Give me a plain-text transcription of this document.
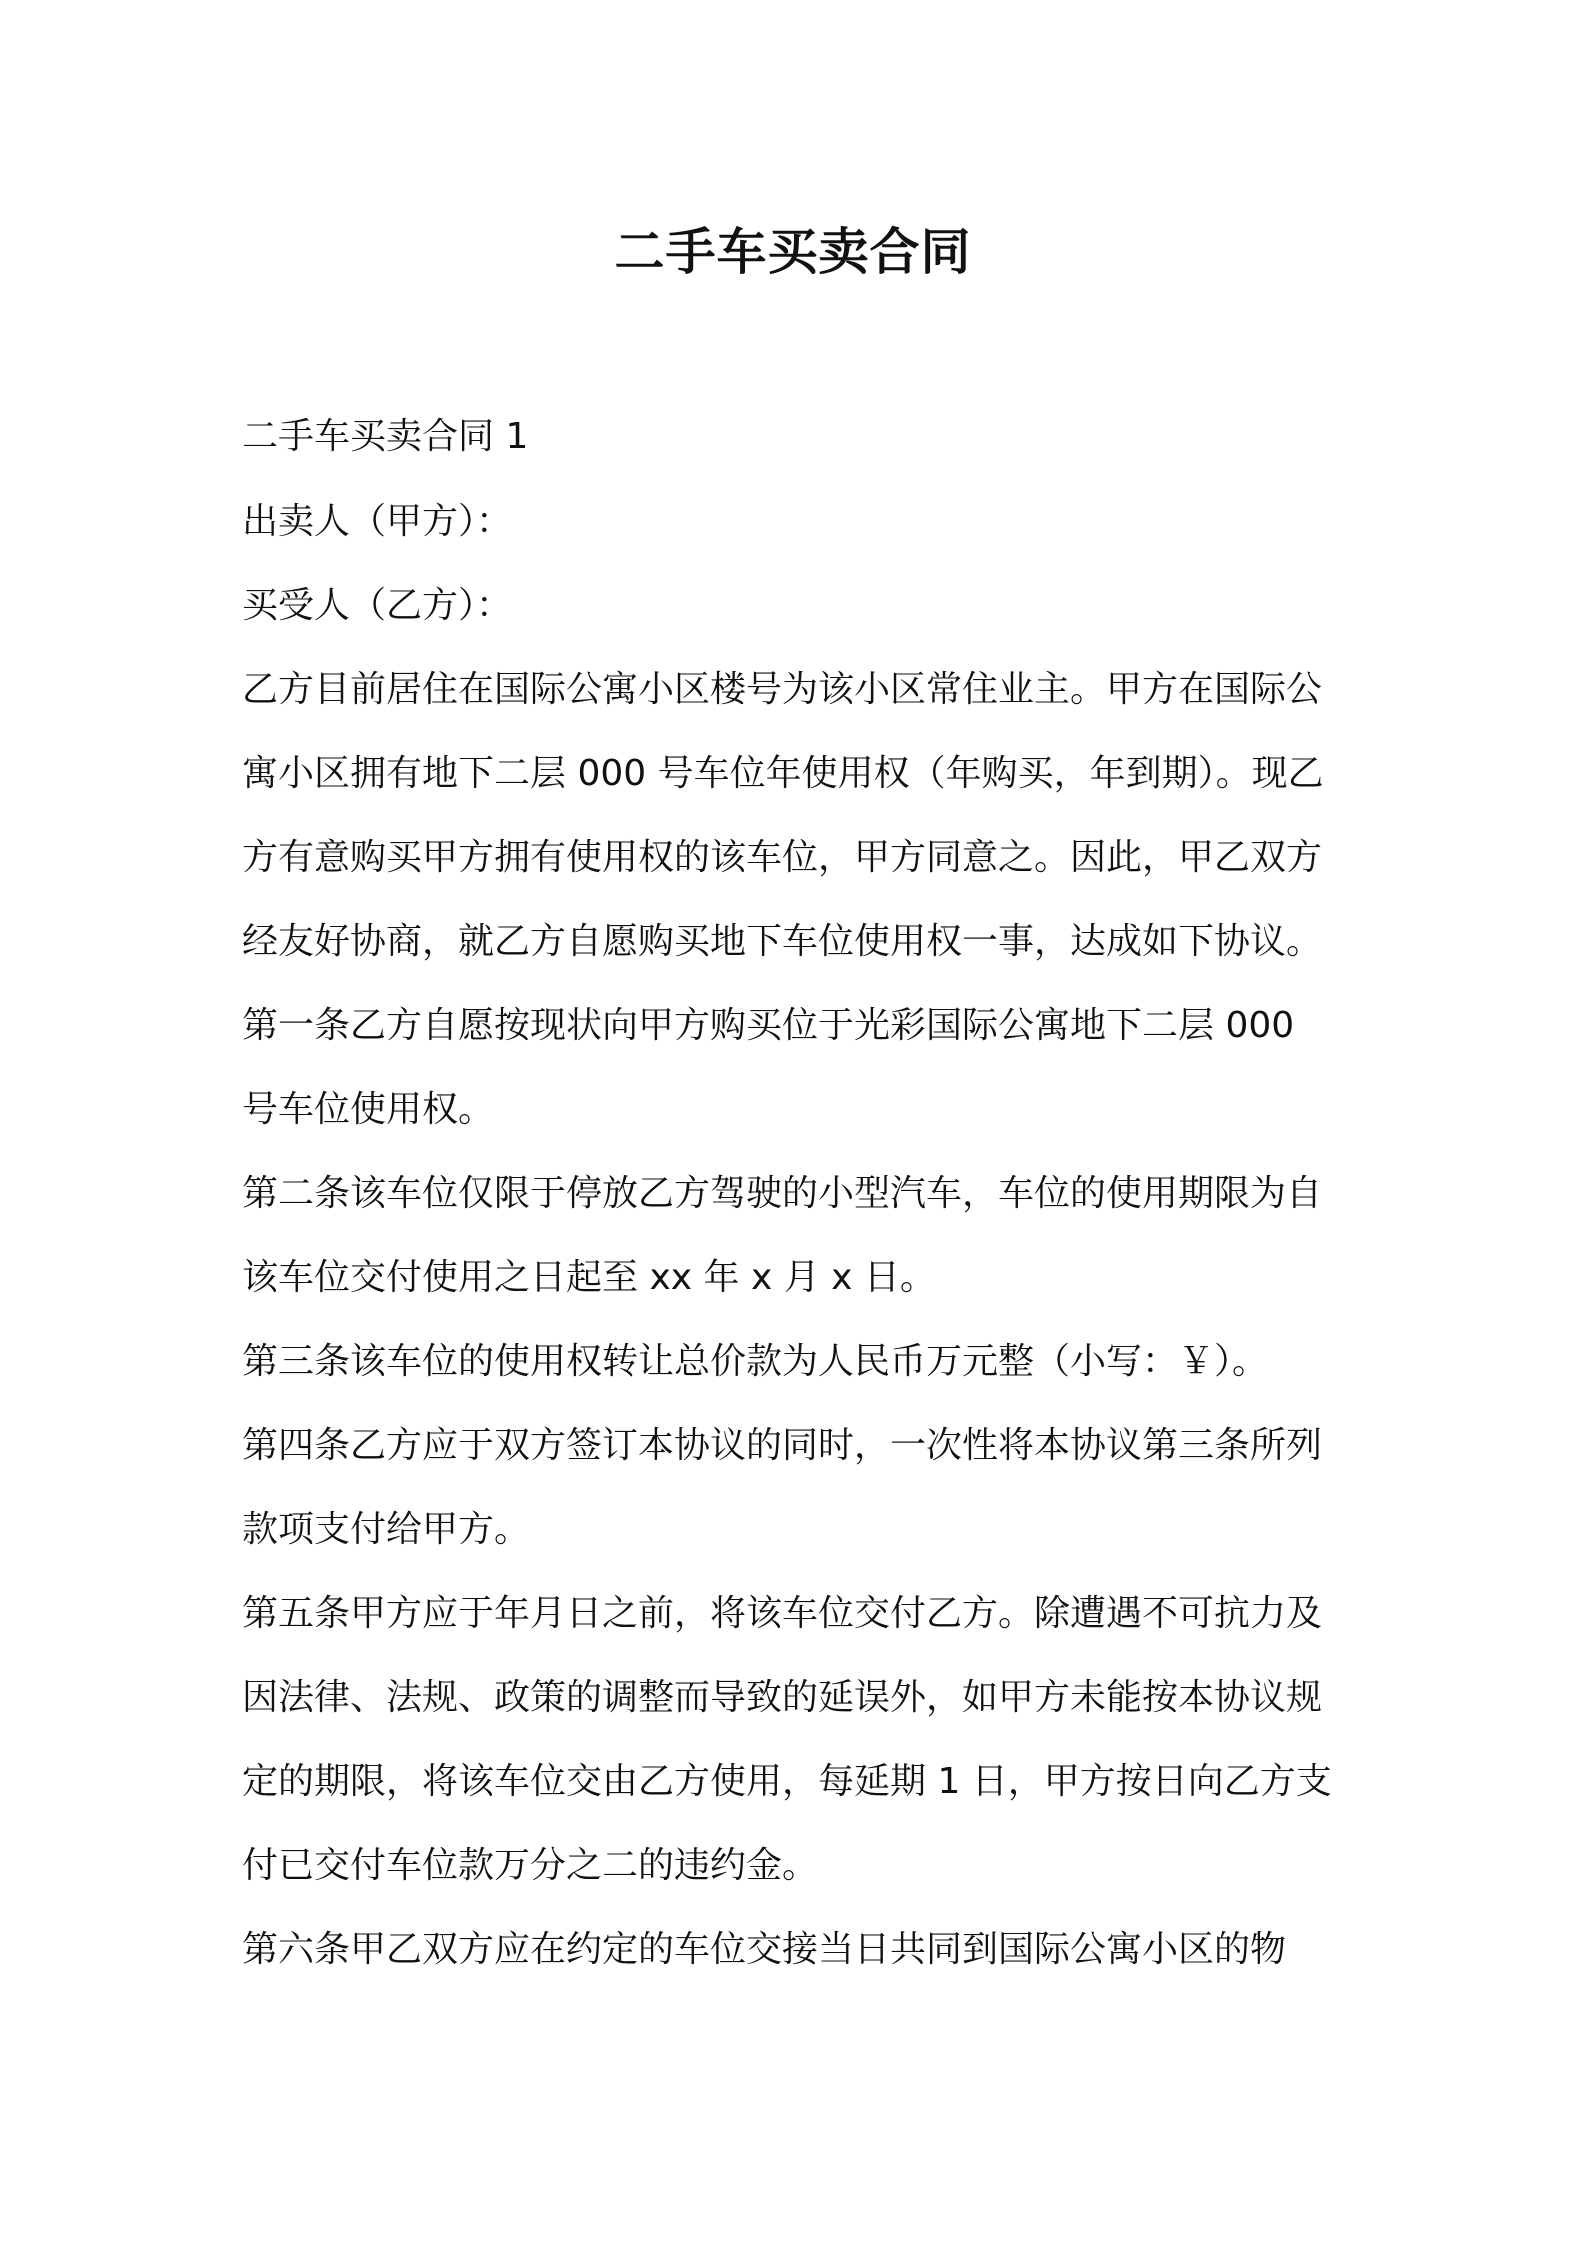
二手车买卖合同
二手车买卖合同 1
出卖人（甲方）：
买受人（乙方）：
乙方目前居住在国际公寓小区楼号为该小区常住业主。甲方在国际公
寓小区拥有地下二层 000 号车位年使用权（年购买，年到期）。现乙
方有意购买甲方拥有使用权的该车位，甲方同意之。因此，甲乙双方
经友好协商，就乙方自愿购买地下车位使用权一事，达成如下协议。
第一条乙方自愿按现状向甲方购买位于光彩国际公寓地下二层 000
号车位使用权。
第二条该车位仅限于停放乙方驾驶的小型汽车，车位的使用期限为自
该车位交付使用之日起至 xx 年 x 月 x 日。
第三条该车位的使用权转让总价款为人民币万元整（小写：￥）。
第四条乙方应于双方签订本协议的同时，一次性将本协议第三条所列
款项支付给甲方。
第五条甲方应于年月日之前，将该车位交付乙方。除遭遇不可抗力及
因法律、法规、政策的调整而导致的延误外，如甲方未能按本协议规
定的期限，将该车位交由乙方使用，每延期 1 日，甲方按日向乙方支
付已交付车位款万分之二的违约金。
第六条甲乙双方应在约定的车位交接当日共同到国际公寓小区的物
